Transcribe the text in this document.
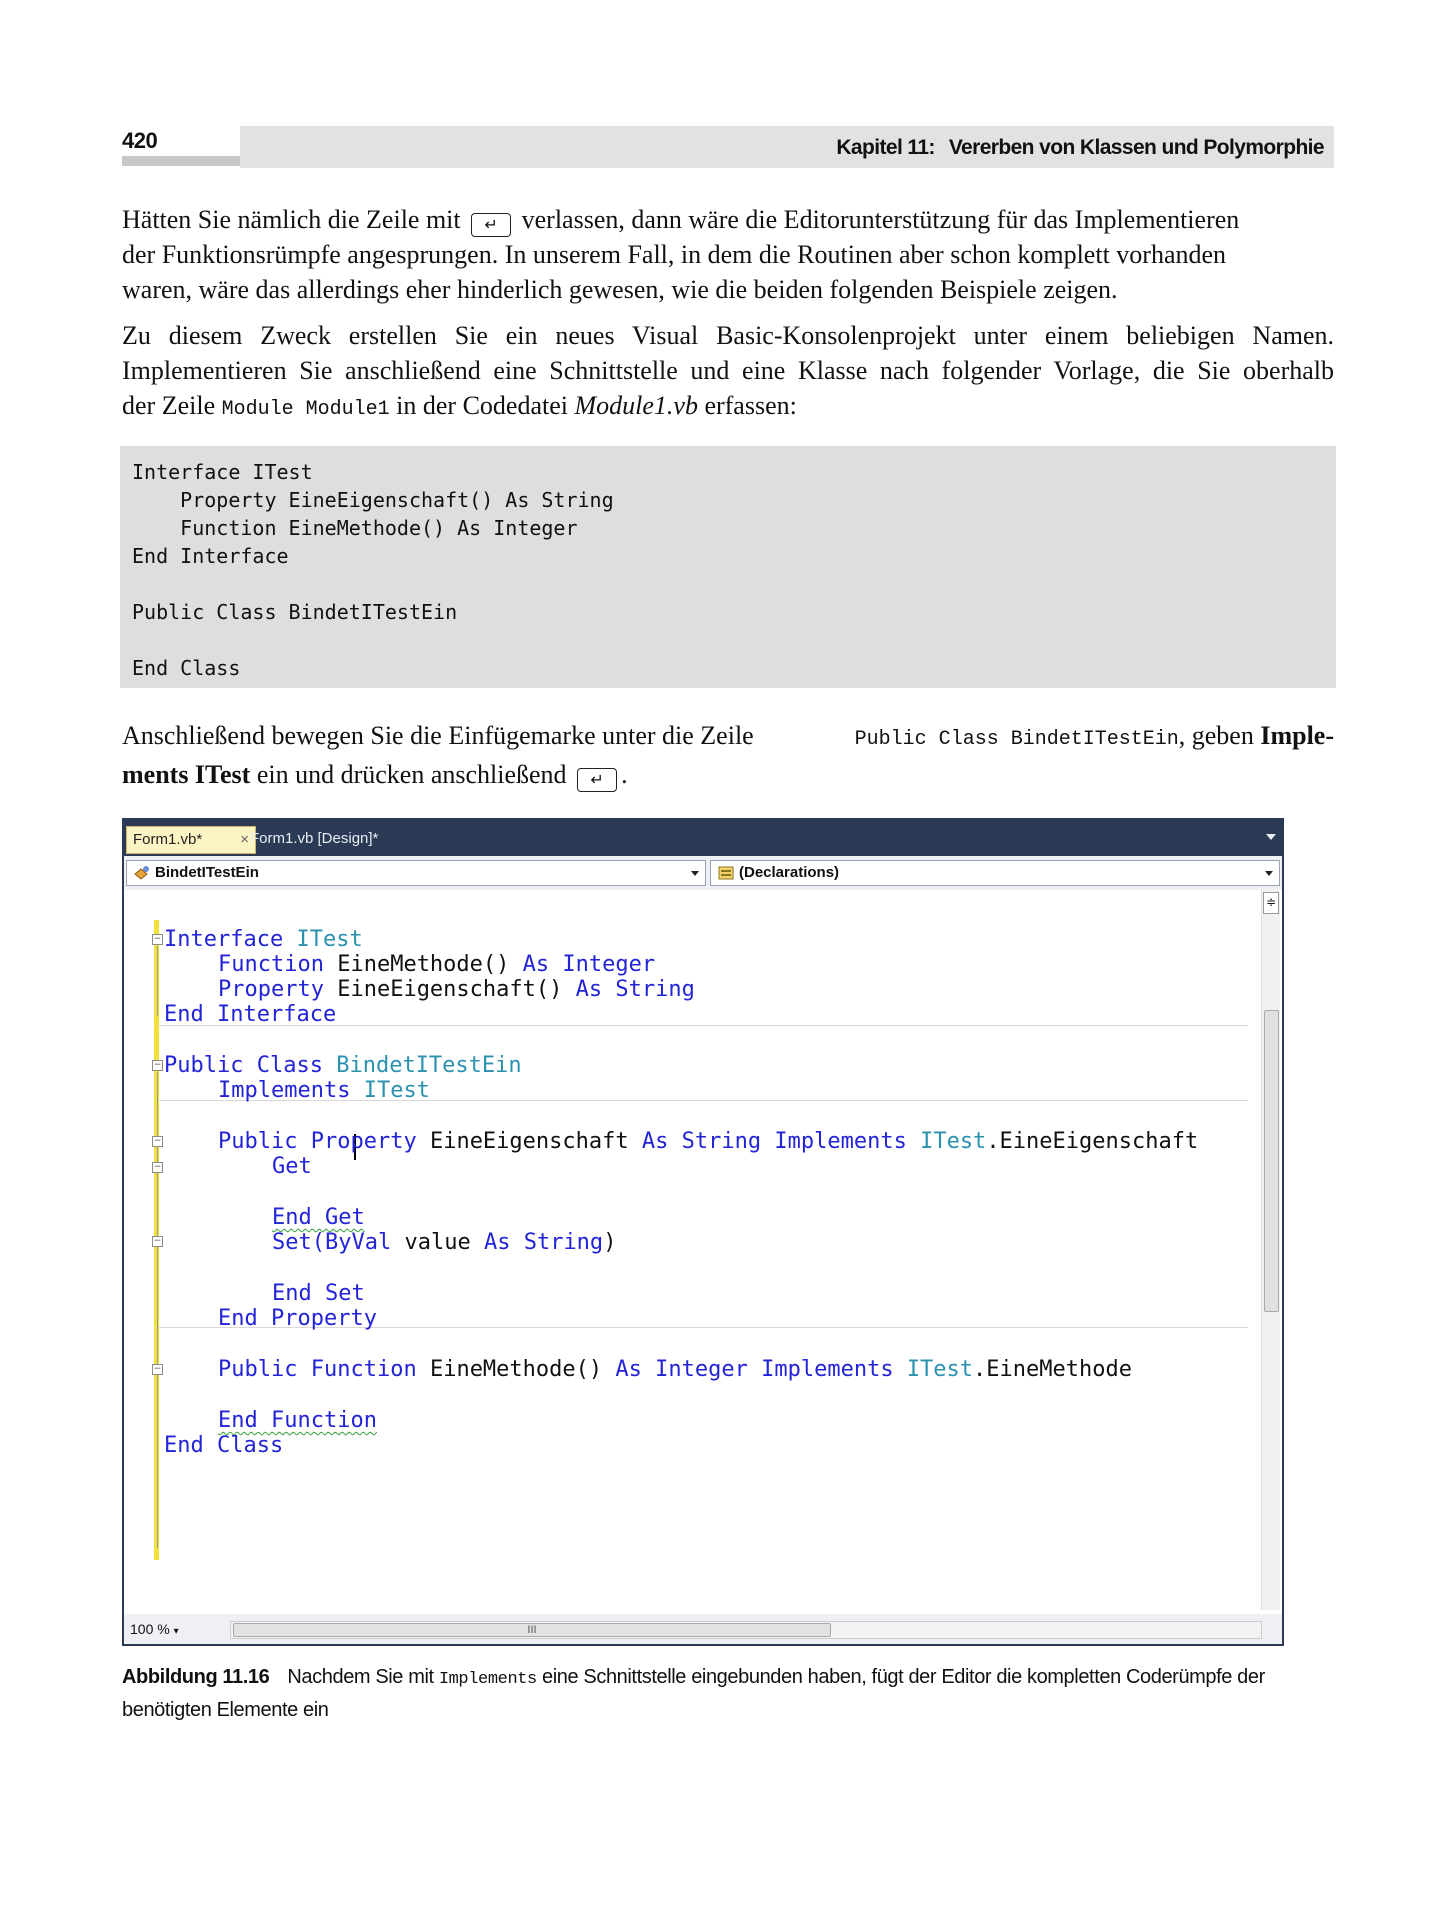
420	Kapitel 11: Vererben von Klassen und Polymorphie
Hätten Sie nämlich die Zeile mit ↵ verlassen, dann wäre die Editorunterstützung für das Implementieren
der Funktionsrümpfe angesprungen. In unserem Fall, in dem die Routinen aber schon komplett vorhanden
waren, wäre das allerdings eher hinderlich gewesen, wie die beiden folgenden Beispiele zeigen.
Zu diesem Zweck erstellen Sie ein neues Visual Basic-Konsolenprojekt unter einem beliebigen Namen.
Implementieren Sie anschließend eine Schnittstelle und eine Klasse nach folgender Vorlage, die Sie oberhalb
der Zeile Module Module1 in der Codedatei Module1.vb erfassen:
Interface ITest
Property EineEigenschaft() As String
Function EineMethode() As Integer
End Interface
Public Class BindetITestEin
End Class
Anschließend bewegen Sie die Einfügemarke unter die Zeile	Public Class BindetITestEin, geben Imple-
ments ITest ein und drücken anschließend ↵ .
Form1.vb*	× Form1.vb [Design]*
BindetITestEin	(Declarations)
−
−
−
−
−
−
Interface ITest
Function EineMethode() As Integer
Property EineEigenschaft() As String
End Interface
Public Class BindetITestEin
Implements ITest
Public Property EineEigenschaft As String Implements ITest.EineEigenschaft
Get
End Get
Set(ByVal value As String)
End Set
End Property
Public Function EineMethode() As Integer Implements ITest.EineMethode
End Function
End Class
≑
100 % ▾	III
Abbildung 11.16 Nachdem Sie mit Implements eine Schnittstelle eingebunden haben, fügt der Editor die kompletten Coderümpfe der
benötigten Elemente ein
